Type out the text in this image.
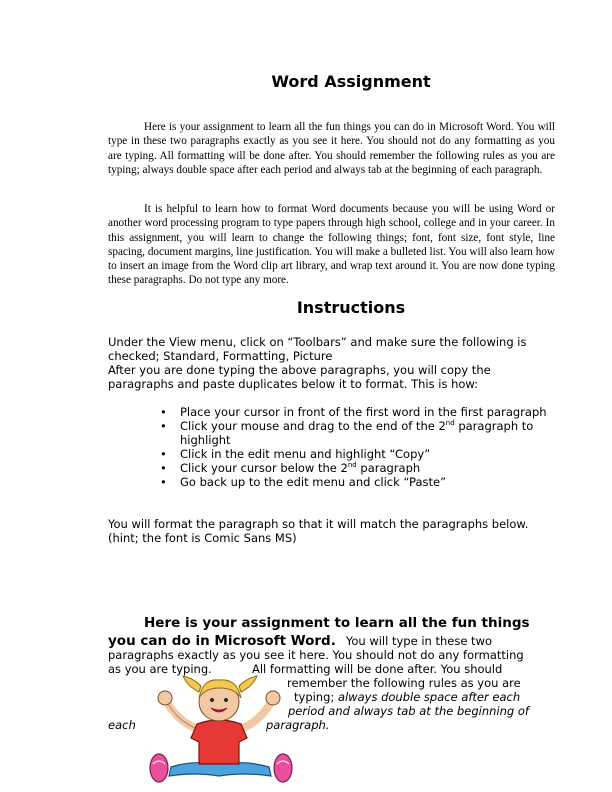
Word Assignment

Here is your assignment to learn all the fun things you can do in Microsoft Word. You will type in these two paragraphs exactly as you see it here. You should not do any formatting as you are typing. All formatting will be done after. You should remember the following rules as you are typing; always double space after each period and always tab at the beginning of each paragraph.

It is helpful to learn how to format Word documents because you will be using Word or another word processing program to type papers through high school, college and in your career. In this assignment, you will learn to change the following things; font, font size, font style, line spacing, document margins, line justification. You will make a bulleted list. You will also learn how to insert an image from the Word clip art library, and wrap text around it. You are now done typing these paragraphs. Do not type any more.

Instructions

Under the View menu, click on “Toolbars” and make sure the following is checked; Standard, Formatting, Picture

After you are done typing the above paragraphs, you will copy the paragraphs and paste duplicates below it to format. This is how:

• Place your cursor in front of the first word in the first paragraph
• Click your mouse and drag to the end of the 2nd paragraph to highlight
• Click in the edit menu and highlight “Copy”
• Click your cursor below the 2nd paragraph
• Go back up to the edit menu and click “Paste”

You will format the paragraph so that it will match the paragraphs below. (hint; the font is Comic Sans MS)

Here is your assignment to learn all the fun things
you can do in Microsoft Word. You will type in these two
paragraphs exactly as you see it here. You should not do any formatting
as you are typing.	All formatting will be done after. You should
remember the following rules as you are
typing; always double space after each
period and always tab at the beginning of
each	paragraph.
